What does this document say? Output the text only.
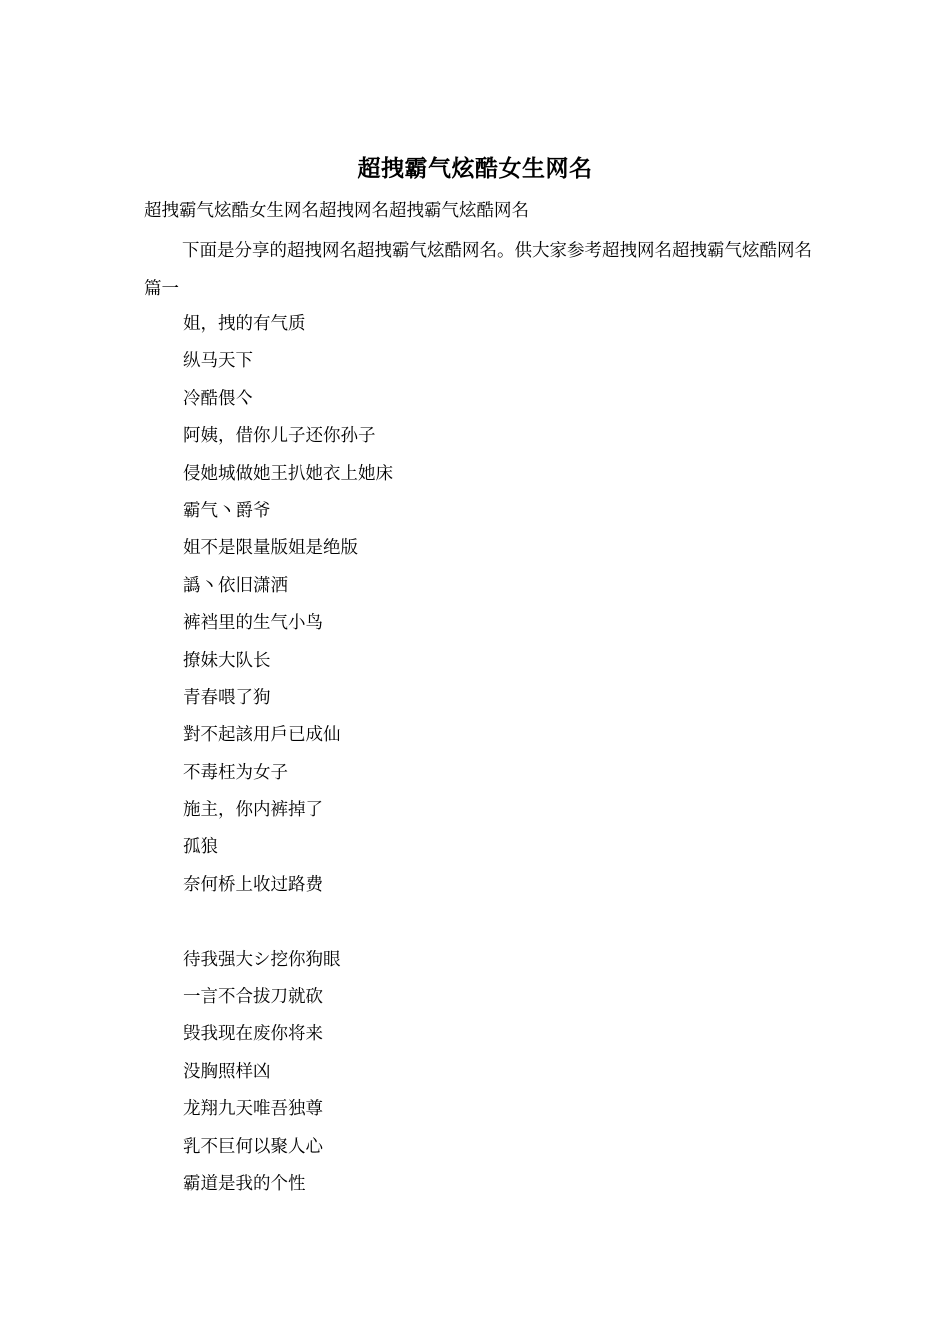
超拽霸气炫酷女生网名
超拽霸气炫酷女生网名超拽网名超拽霸气炫酷网名
下面是分享的超拽网名超拽霸气炫酷网名。供大家参考超拽网名超拽霸气炫酷网名篇一
姐，拽的有气质
纵马天下
冷酷偎亽
阿姨，借你儿子还你孙子
侵她城做她王扒她衣上她床
霸气丶爵爷
姐不是限量版姐是绝版
譌丶依旧潇洒
裤裆里的生气小鸟
撩妹大队长
青春喂了狗
對不起該用戶已成仙
不毒枉为女子
施主，你内裤掉了
孤狼
奈何桥上收过路费
待我强大シ挖你狗眼
一言不合拔刀就砍
毁我现在废你将来
没胸照样凶
龙翔九天唯吾独尊
乳不巨何以聚人心
霸道是我的个性
